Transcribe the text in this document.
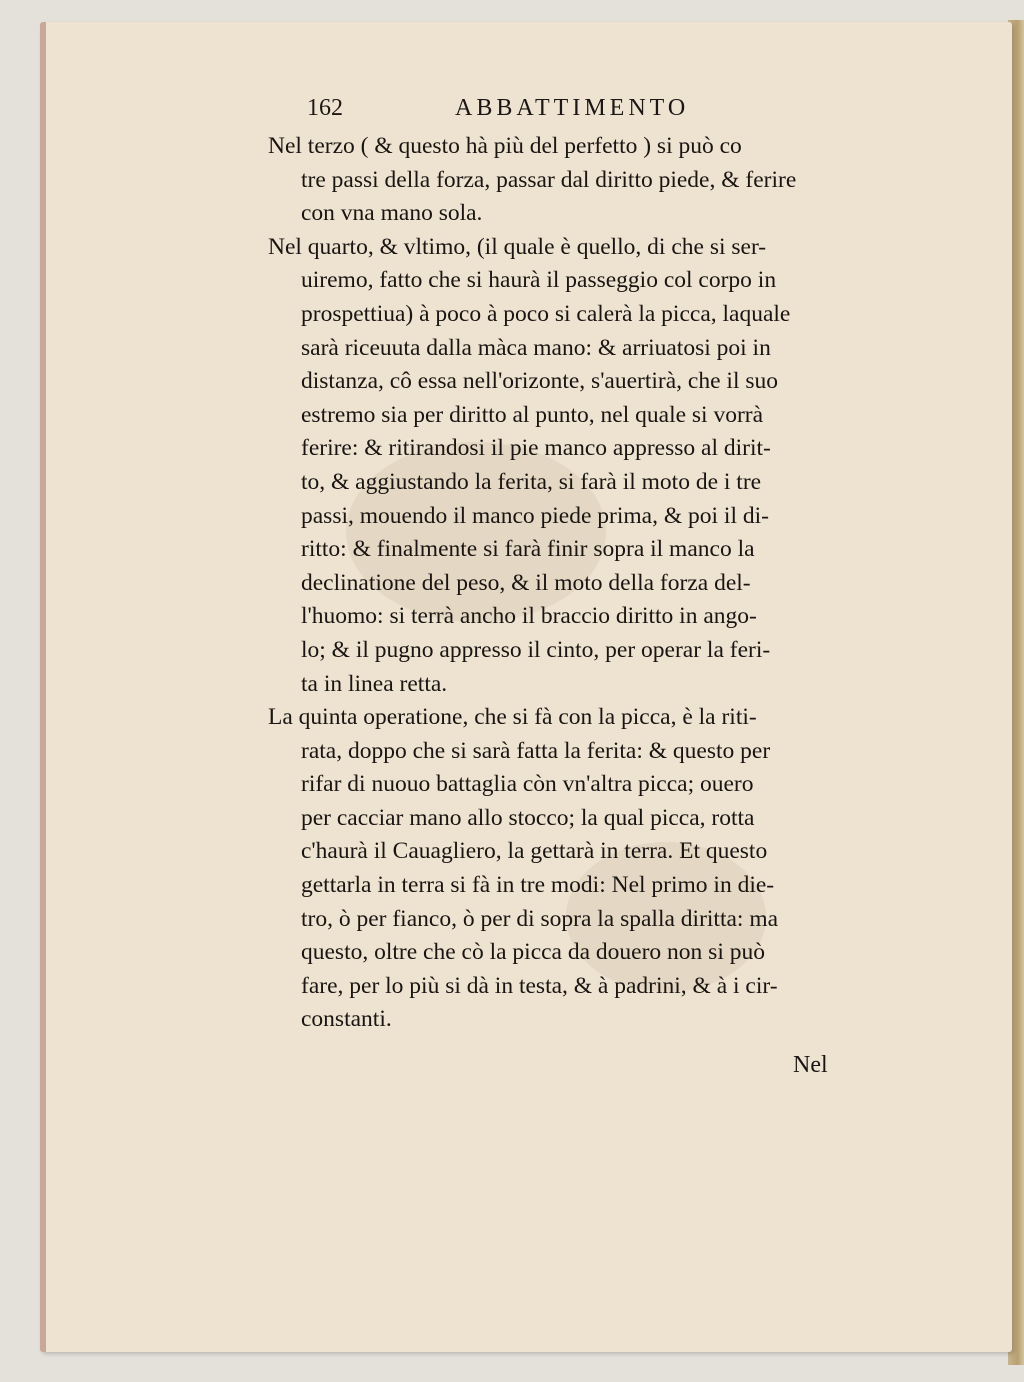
162	ABBATTIMENTO

Nel terzo ( & questo hà più del perfetto ) si può co
tre passi della forza, passar dal diritto piede, & ferire
con vna mano sola.

Nel quarto, & vltimo, (il quale è quello, di che si ser-
uiremo, fatto che si haurà il passeggio col corpo in
prospettiua) à poco à poco si calerà la picca, laquale
sarà riceuuta dalla màca mano: & arriuatosi poi in
distanza, cô essa nell'orizonte, s'auertirà, che il suo
estremo sia per diritto al punto, nel quale si vorrà
ferire: & ritirandosi il pie manco appresso al dirit-
to, & aggiustando la ferita, si farà il moto de i tre
passi, mouendo il manco piede prima, & poi il di-
ritto: & finalmente si farà finir sopra il manco la
declinatione del peso, & il moto della forza del-
l'huomo: si terrà ancho il braccio diritto in ango-
lo; & il pugno appresso il cinto, per operar la feri-
ta in linea retta.

La quinta operatione, che si fà con la picca, è la riti-
rata, doppo che si sarà fatta la ferita: & questo per
rifar di nuouo battaglia còn vn'altra picca; ouero
per cacciar mano allo stocco; la qual picca, rotta
c'haurà il Cauagliero, la gettarà in terra. Et questo
gettarla in terra si fà in tre modi: Nel primo in die-
tro, ò per fianco, ò per di sopra la spalla diritta: ma
questo, oltre che cò la picca da douero non si può
fare, per lo più si dà in testa, & à padrini, & à i cir-
constanti.

Nel
